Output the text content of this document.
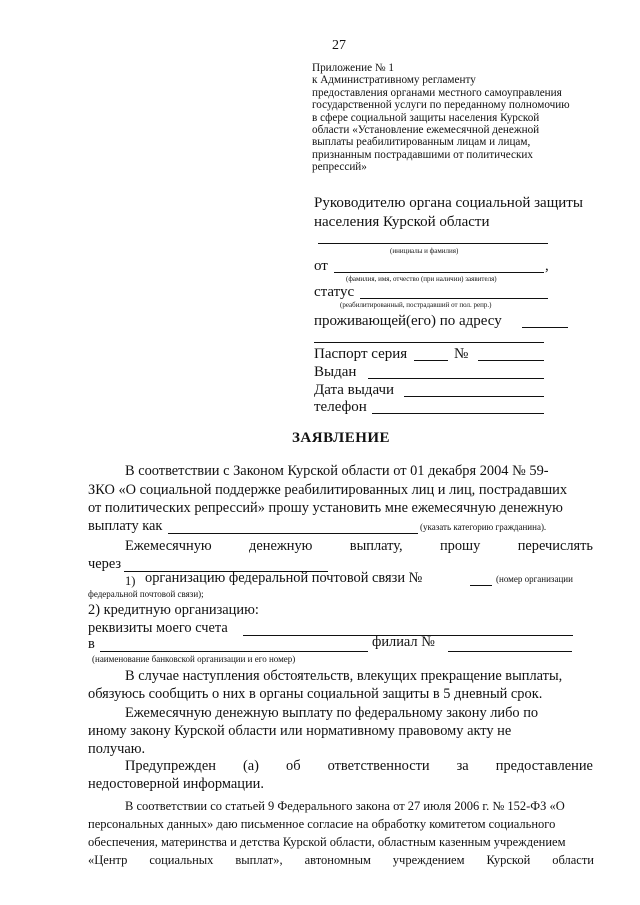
27
Приложение № 1
к Административному регламенту
предоставления органами местного самоуправления
государственной услуги по переданному полномочию
в сфере социальной защиты населения Курской
области «Установление ежемесячной денежной
выплаты реабилитированным лицам и лицам,
признанным пострадавшими от политических
репрессий»
Руководителю органа социальной защиты
населения Курской области
(инициалы и фамилия)
от	,
(фамилия, имя, отчество (при наличии) заявителя)
статус
(реабилитированный, пострадавший от пол. репр.)
проживающей(его) по адресу
Паспорт серия	№
Выдан
Дата выдачи
телефон
ЗАЯВЛЕНИЕ
В соответствии с Законом Курской области от 01 декабря 2004 № 59-
ЗКО «О социальной поддержке реабилитированных лиц и лиц, пострадавших
от политических репрессий» прошу установить мне ежемесячную денежную
выплату как	(указать категорию гражданина).
Ежемесячную	денежную	выплату,	прошу	перечислять
через
1) организацию федеральной почтовой связи №	(номер организации
федеральной почтовой связи);
2) кредитную организацию:
реквизиты моего счета
в	филиал №
(наименование банковской организации и его номер)
В случае наступления обстоятельств, влекущих прекращение выплаты,
обязуюсь сообщить о них в органы социальной защиты в 5 дневный срок.
Ежемесячную денежную выплату по федеральному закону либо по
иному закону Курской области или нормативному правовому акту не
получаю.
Предупрежден (а) об ответственности за предоставление
недостоверной информации.
В соответствии со статьей 9 Федерального закона от 27 июля 2006 г. № 152-ФЗ «О
персональных данных» даю письменное согласие на обработку комитетом социального
обеспечения, материнства и детства Курской области, областным казенным учреждением
«Центр социальных выплат», автономным учреждением Курской области
